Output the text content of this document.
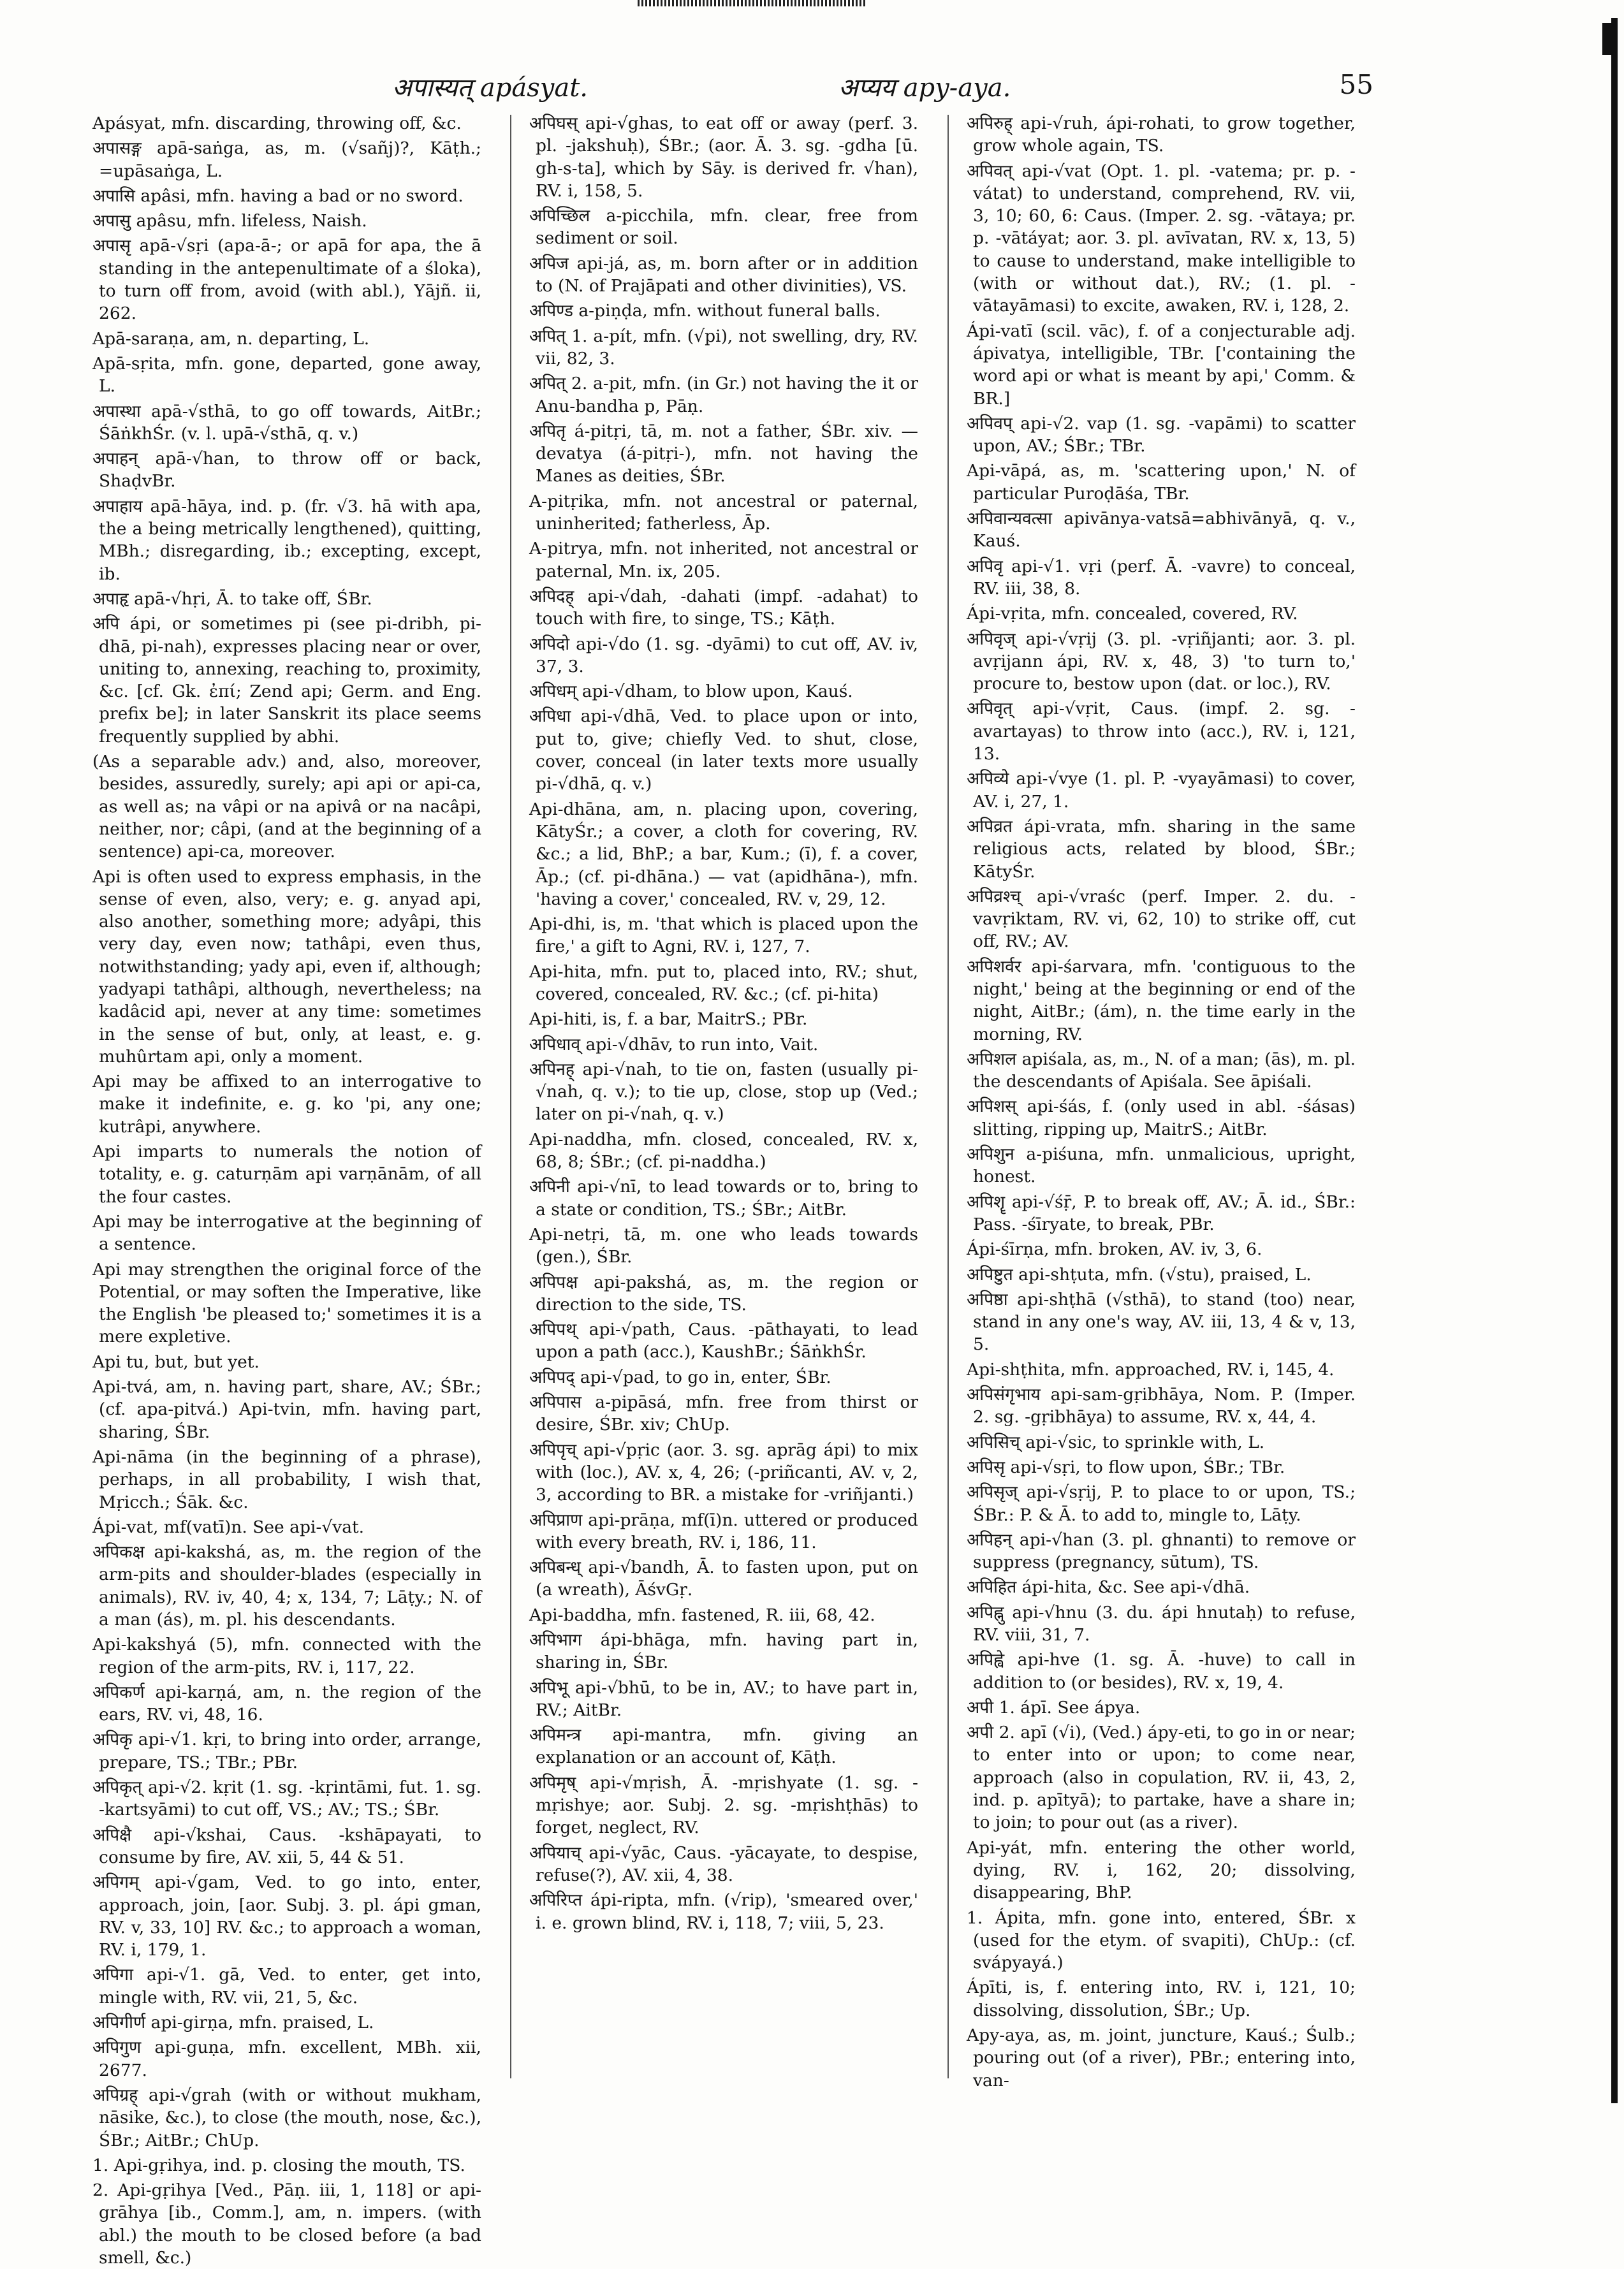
अपास्यत् apásyat.	अप्यय apy-aya.	55

Apásyat, mfn. discarding, throwing off, &c.

अपासङ्ग apā-saṅga, as, m. (√sañj)?, Kāṭh.; =upāsaṅga, L.

अपासि apâsi, mfn. having a bad or no sword.

अपासु apâsu, mfn. lifeless, Naish.

अपासृ apā-√sṛi (apa-ā-; or apā for apa, the ā standing in the antepenultimate of a śloka), to turn off from, avoid (with abl.), Yājñ. ii, 262.

Apā-saraṇa, am, n. departing, L.

Apā-sṛita, mfn. gone, departed, gone away, L.

अपास्था apā-√sthā, to go off towards, AitBr.; ŚāṅkhŚr. (v. l. upā-√sthā, q. v.)

अपाहन् apā-√han, to throw off or back, ShaḍvBr.

अपाहाय apā-hāya, ind. p. (fr. √3. hā with apa, the a being metrically lengthened), quitting, MBh.; disregarding, ib.; excepting, except, ib.

अपाहृ apā-√hṛi, Ā. to take off, ŚBr.

अपि ápi, or sometimes pi (see pi-dribh, pi-dhā, pi-nah), expresses placing near or over, uniting to, annexing, reaching to, proximity, &c. [cf. Gk. ἐπί; Zend api; Germ. and Eng. prefix be]; in later Sanskrit its place seems frequently supplied by abhi.

(As a separable adv.) and, also, moreover, besides, assuredly, surely; api api or api-ca, as well as; na vâpi or na apivâ or na nacâpi, neither, nor; câpi, (and at the beginning of a sentence) api-ca, moreover.

Api is often used to express emphasis, in the sense of even, also, very; e. g. anyad api, also another, something more; adyâpi, this very day, even now; tathâpi, even thus, notwithstanding; yady api, even if, although; yadyapi tathâpi, although, nevertheless; na kadâcid api, never at any time: sometimes in the sense of but, only, at least, e. g. muhûrtam api, only a moment.

Api may be affixed to an interrogative to make it indefinite, e. g. ko 'pi, any one; kutrâpi, anywhere.

Api imparts to numerals the notion of totality, e. g. caturṇām api varṇānām, of all the four castes.

Api may be interrogative at the beginning of a sentence.

Api may strengthen the original force of the Potential, or may soften the Imperative, like the English 'be pleased to;' sometimes it is a mere expletive.

Api tu, but, but yet.

Api-tvá, am, n. having part, share, AV.; ŚBr.; (cf. apa-pitvá.) Api-tvin, mfn. having part, sharing, ŚBr.

Api-nāma (in the beginning of a phrase), perhaps, in all probability, I wish that, Mṛicch.; Śāk. &c.

Ápi-vat, mf(vatī)n. See api-√vat.

अपिकक्ष api-kakshá, as, m. the region of the arm-pits and shoulder-blades (especially in animals), RV. iv, 40, 4; x, 134, 7; Lāṭy.; N. of a man (ás), m. pl. his descendants.

Api-kakshyá (5), mfn. connected with the region of the arm-pits, RV. i, 117, 22.

अपिकर्ण api-karṇá, am, n. the region of the ears, RV. vi, 48, 16.

अपिकृ api-√1. kṛi, to bring into order, arrange, prepare, TS.; TBr.; PBr.

अपिकृत् api-√2. kṛit (1. sg. -kṛintāmi, fut. 1. sg. -kartsyāmi) to cut off, VS.; AV.; TS.; ŚBr.

अपिक्षै api-√kshai, Caus. -kshāpayati, to consume by fire, AV. xii, 5, 44 & 51.

अपिगम् api-√gam, Ved. to go into, enter, approach, join, [aor. Subj. 3. pl. ápi gman, RV. v, 33, 10] RV. &c.; to approach a woman, RV. i, 179, 1.

अपिगा api-√1. gā, Ved. to enter, get into, mingle with, RV. vii, 21, 5, &c.

अपिगीर्ण api-girṇa, mfn. praised, L.

अपिगुण api-guṇa, mfn. excellent, MBh. xii, 2677.

अपिग्रह् api-√grah (with or without mukham, nāsike, &c.), to close (the mouth, nose, &c.), ŚBr.; AitBr.; ChUp.

1. Api-gṛihya, ind. p. closing the mouth, TS.

2. Api-gṛihya [Ved., Pāṇ. iii, 1, 118] or api-grāhya [ib., Comm.], am, n. impers. (with abl.) the mouth to be closed before (a bad smell, &c.)

अपिघस् api-√ghas, to eat off or away (perf. 3. pl. -jakshuḥ), ŚBr.; (aor. Ā. 3. sg. -gdha [ū. gh-s-ta], which by Sāy. is derived fr. √han), RV. i, 158, 5.

अपिच्छिल a-picchila, mfn. clear, free from sediment or soil.

अपिज api-já, as, m. born after or in addition to (N. of Prajāpati and other divinities), VS.

अपिण्ड a-piṇḍa, mfn. without funeral balls.

अपित् 1. a-pít, mfn. (√pi), not swelling, dry, RV. vii, 82, 3.

अपित् 2. a-pit, mfn. (in Gr.) not having the it or Anu-bandha p, Pāṇ.

अपितृ á-pitṛi, tā, m. not a father, ŚBr. xiv. — devatya (á-pitṛi-), mfn. not having the Manes as deities, ŚBr.

A-pitṛika, mfn. not ancestral or paternal, uninherited; fatherless, Āp.

A-pitrya, mfn. not inherited, not ancestral or paternal, Mn. ix, 205.

अपिदह् api-√dah, -dahati (impf. -adahat) to touch with fire, to singe, TS.; Kāṭh.

अपिदो api-√do (1. sg. -dyāmi) to cut off, AV. iv, 37, 3.

अपिधम् api-√dham, to blow upon, Kauś.

अपिधा api-√dhā, Ved. to place upon or into, put to, give; chiefly Ved. to shut, close, cover, conceal (in later texts more usually pi-√dhā, q. v.)

Api-dhāna, am, n. placing upon, covering, KātyŚr.; a cover, a cloth for covering, RV. &c.; a lid, BhP.; a bar, Kum.; (ī), f. a cover, Āp.; (cf. pi-dhāna.) — vat (apidhāna-), mfn. 'having a cover,' concealed, RV. v, 29, 12.

Api-dhi, is, m. 'that which is placed upon the fire,' a gift to Agni, RV. i, 127, 7.

Api-hita, mfn. put to, placed into, RV.; shut, covered, concealed, RV. &c.; (cf. pi-hita)

Api-hiti, is, f. a bar, MaitrS.; PBr.

अपिधाव् api-√dhāv, to run into, Vait.

अपिनह् api-√nah, to tie on, fasten (usually pi-√nah, q. v.); to tie up, close, stop up (Ved.; later on pi-√nah, q. v.)

Api-naddha, mfn. closed, concealed, RV. x, 68, 8; ŚBr.; (cf. pi-naddha.)

अपिनी api-√nī, to lead towards or to, bring to a state or condition, TS.; ŚBr.; AitBr.

Api-netṛi, tā, m. one who leads towards (gen.), ŚBr.

अपिपक्ष api-pakshá, as, m. the region or direction to the side, TS.

अपिपथ् api-√path, Caus. -pāthayati, to lead upon a path (acc.), KaushBr.; ŚāṅkhŚr.

अपिपद् api-√pad, to go in, enter, ŚBr.

अपिपास a-pipāsá, mfn. free from thirst or desire, ŚBr. xiv; ChUp.

अपिपृच् api-√pṛic (aor. 3. sg. aprāg ápi) to mix with (loc.), AV. x, 4, 26; (-priñcanti, AV. v, 2, 3, according to BR. a mistake for -vriñjanti.)

अपिप्राण api-prāṇa, mf(ī)n. uttered or produced with every breath, RV. i, 186, 11.

अपिबन्ध् api-√bandh, Ā. to fasten upon, put on (a wreath), ĀśvGṛ.

Api-baddha, mfn. fastened, R. iii, 68, 42.

अपिभाग ápi-bhāga, mfn. having part in, sharing in, ŚBr.

अपिभू api-√bhū, to be in, AV.; to have part in, RV.; AitBr.

अपिमन्त्र api-mantra, mfn. giving an explanation or an account of, Kāṭh.

अपिमृष् api-√mṛish, Ā. -mṛishyate (1. sg. -mṛishye; aor. Subj. 2. sg. -mṛishṭhās) to forget, neglect, RV.

अपियाच् api-√yāc, Caus. -yācayate, to despise, refuse(?), AV. xii, 4, 38.

अपिरिप्त ápi-ripta, mfn. (√rip), 'smeared over,' i. e. grown blind, RV. i, 118, 7; viii, 5, 23.

अपिरुह् api-√ruh, ápi-rohati, to grow together, grow whole again, TS.

अपिवत् api-√vat (Opt. 1. pl. -vatema; pr. p. -vátat) to understand, comprehend, RV. vii, 3, 10; 60, 6: Caus. (Imper. 2. sg. -vātaya; pr. p. -vātáyat; aor. 3. pl. avīvatan, RV. x, 13, 5) to cause to understand, make intelligible to (with or without dat.), RV.; (1. pl. -vātayāmasi) to excite, awaken, RV. i, 128, 2.

Ápi-vatī (scil. vāc), f. of a conjecturable adj. ápivatya, intelligible, TBr. ['containing the word api or what is meant by api,' Comm. & BR.]

अपिवप् api-√2. vap (1. sg. -vapāmi) to scatter upon, AV.; ŚBr.; TBr.

Api-vāpá, as, m. 'scattering upon,' N. of particular Puroḍāśa, TBr.

अपिवान्यवत्सा apivānya-vatsā=abhivānyā, q. v., Kauś.

अपिवृ api-√1. vṛi (perf. Ā. -vavre) to conceal, RV. iii, 38, 8.

Ápi-vṛita, mfn. concealed, covered, RV.

अपिवृज् api-√vṛij (3. pl. -vṛiñjanti; aor. 3. pl. avṛijann ápi, RV. x, 48, 3) 'to turn to,' procure to, bestow upon (dat. or loc.), RV.

अपिवृत् api-√vṛit, Caus. (impf. 2. sg. -avartayas) to throw into (acc.), RV. i, 121, 13.

अपिव्ये api-√vye (1. pl. P. -vyayāmasi) to cover, AV. i, 27, 1.

अपिव्रत ápi-vrata, mfn. sharing in the same religious acts, related by blood, ŚBr.; KātyŚr.

अपिव्रश्च् api-√vraśc (perf. Imper. 2. du. -vavṛiktam, RV. vi, 62, 10) to strike off, cut off, RV.; AV.

अपिशर्वर api-śarvara, mfn. 'contiguous to the night,' being at the beginning or end of the night, AitBr.; (ám), n. the time early in the morning, RV.

अपिशल apiśala, as, m., N. of a man; (ās), m. pl. the descendants of Apiśala. See āpiśali.

अपिशस् api-śás, f. (only used in abl. -śásas) slitting, ripping up, MaitrS.; AitBr.

अपिशुन a-piśuna, mfn. unmalicious, upright, honest.

अपिशॄ api-√śṝ, P. to break off, AV.; Ā. id., ŚBr.: Pass. -śīryate, to break, PBr.

Ápi-śīrṇa, mfn. broken, AV. iv, 3, 6.

अपिष्टुत api-shṭuta, mfn. (√stu), praised, L.

अपिष्ठा api-shṭhā (√sthā), to stand (too) near, stand in any one's way, AV. iii, 13, 4 & v, 13, 5.

Api-shṭhita, mfn. approached, RV. i, 145, 4.

अपिसंगृभाय api-sam-gṛibhāya, Nom. P. (Imper. 2. sg. -gṛibhāya) to assume, RV. x, 44, 4.

अपिसिच् api-√sic, to sprinkle with, L.

अपिसृ api-√sṛi, to flow upon, ŚBr.; TBr.

अपिसृज् api-√sṛij, P. to place to or upon, TS.; ŚBr.: P. & Ā. to add to, mingle to, Lāṭy.

अपिहन् api-√han (3. pl. ghnanti) to remove or suppress (pregnancy, sūtum), TS.

अपिहित ápi-hita, &c. See api-√dhā.

अपिह्नु api-√hnu (3. du. ápi hnutaḥ) to refuse, RV. viii, 31, 7.

अपिह्वे api-hve (1. sg. Ā. -huve) to call in addition to (or besides), RV. x, 19, 4.

अपी 1. ápī. See ápya.

अपी 2. apī (√i), (Ved.) ápy-eti, to go in or near; to enter into or upon; to come near, approach (also in copulation, RV. ii, 43, 2, ind. p. apītyā); to partake, have a share in; to join; to pour out (as a river).

Api-yát, mfn. entering the other world, dying, RV. i, 162, 20; dissolving, disappearing, BhP.

1. Ápita, mfn. gone into, entered, ŚBr. x (used for the etym. of svapiti), ChUp.: (cf. svápyayá.)

Ápīti, is, f. entering into, RV. i, 121, 10; dissolving, dissolution, ŚBr.; Up.

Apy-aya, as, m. joint, juncture, Kauś.; Śulb.; pouring out (of a river), PBr.; entering into, van-
